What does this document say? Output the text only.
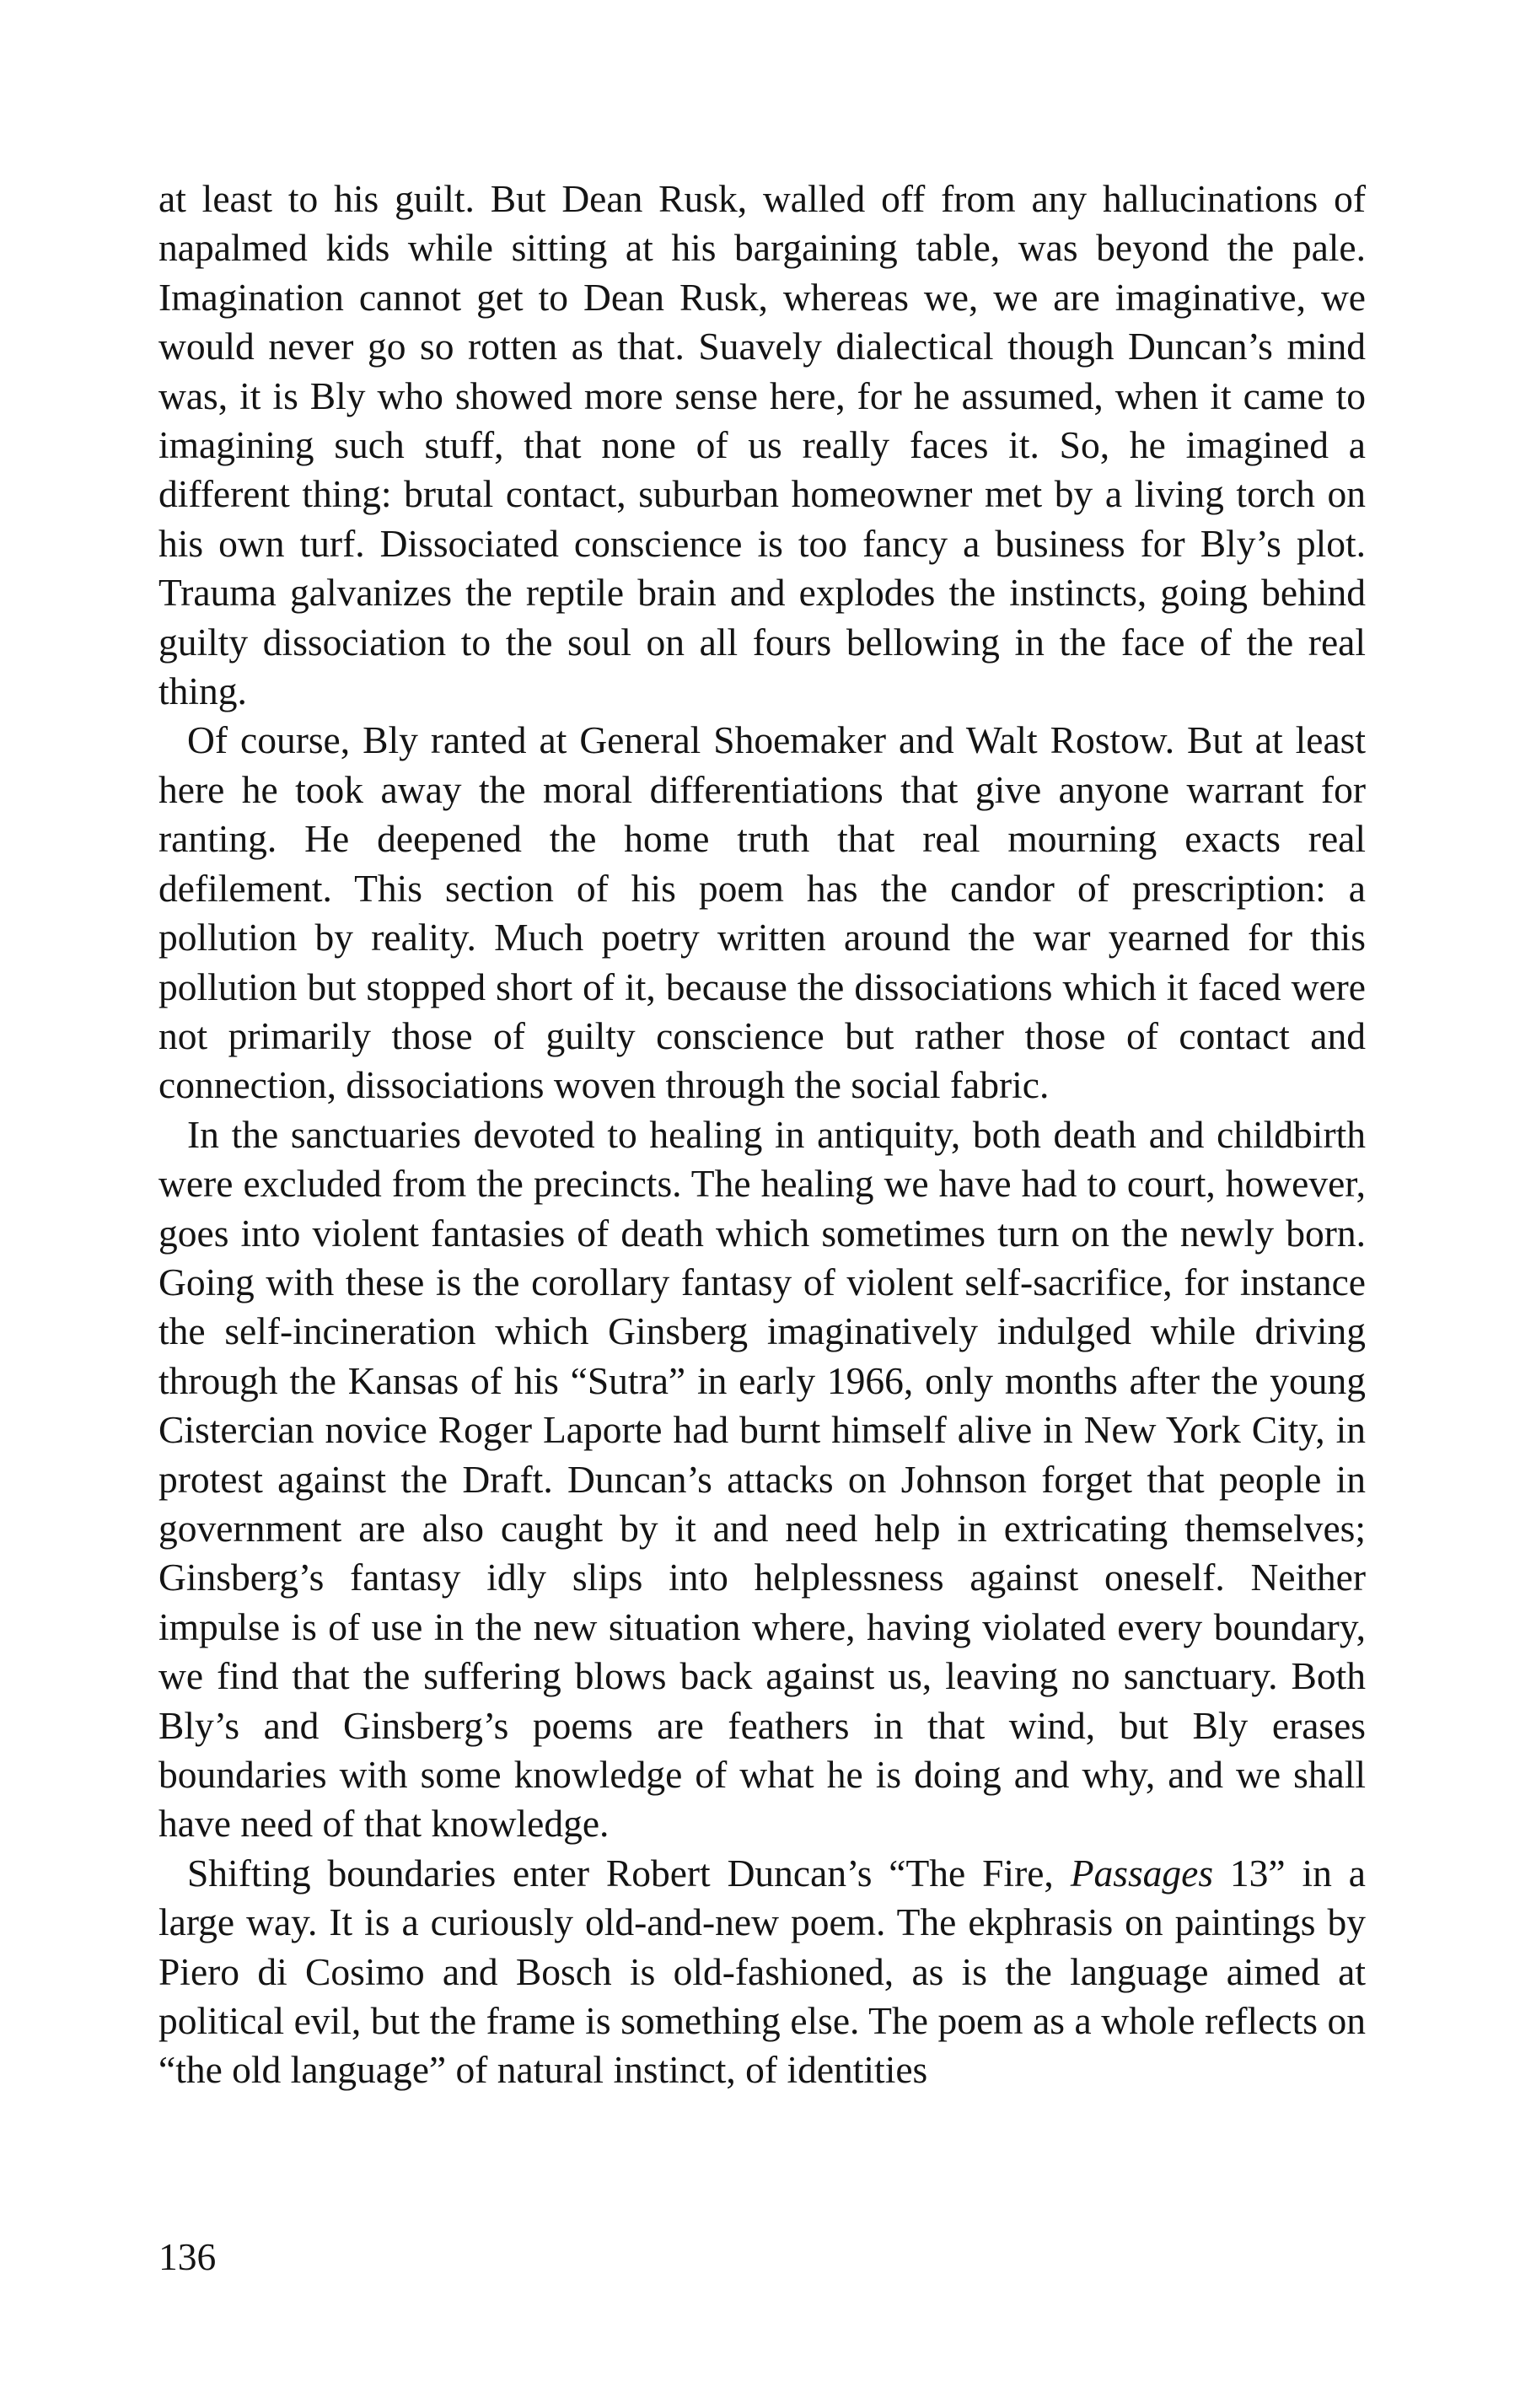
at least to his guilt. But Dean Rusk, walled off from any hallucinations of napalmed kids while sitting at his bargaining table, was beyond the pale. Imagination cannot get to Dean Rusk, whereas we, we are imaginative, we would never go so rotten as that. Suavely dialectical though Duncan’s mind was, it is Bly who showed more sense here, for he assumed, when it came to imagining such stuff, that none of us really faces it. So, he imagined a different thing: brutal contact, suburban homeowner met by a living torch on his own turf. Dissociated conscience is too fancy a business for Bly’s plot. Trauma galvanizes the reptile brain and explodes the instincts, going behind guilty dissociation to the soul on all fours bellowing in the face of the real thing.

Of course, Bly ranted at General Shoemaker and Walt Rostow. But at least here he took away the moral differentiations that give anyone warrant for ranting. He deepened the home truth that real mourning exacts real defilement. This section of his poem has the candor of prescription: a pollution by reality. Much poetry written around the war yearned for this pollution but stopped short of it, because the dissociations which it faced were not primarily those of guilty conscience but rather those of contact and connection, dissociations woven through the social fabric.

In the sanctuaries devoted to healing in antiquity, both death and childbirth were excluded from the precincts. The healing we have had to court, however, goes into violent fantasies of death which sometimes turn on the newly born. Going with these is the corollary fantasy of violent self-sacrifice, for instance the self-incineration which Ginsberg imaginatively indulged while driving through the Kansas of his “Sutra” in early 1966, only months after the young Cistercian novice Roger Laporte had burnt himself alive in New York City, in protest against the Draft. Duncan’s attacks on Johnson forget that people in government are also caught by it and need help in extricating themselves; Ginsberg’s fantasy idly slips into helplessness against oneself. Neither impulse is of use in the new situation where, having violated every boundary, we find that the suffering blows back against us, leaving no sanctuary. Both Bly’s and Ginsberg’s poems are feathers in that wind, but Bly erases boundaries with some knowledge of what he is doing and why, and we shall have need of that knowledge.

Shifting boundaries enter Robert Duncan’s “The Fire, Passages 13” in a large way. It is a curiously old-and-new poem. The ekphrasis on paintings by Piero di Cosimo and Bosch is old-fashioned, as is the language aimed at political evil, but the frame is something else. The poem as a whole reflects on “the old language” of natural instinct, of identities

136
